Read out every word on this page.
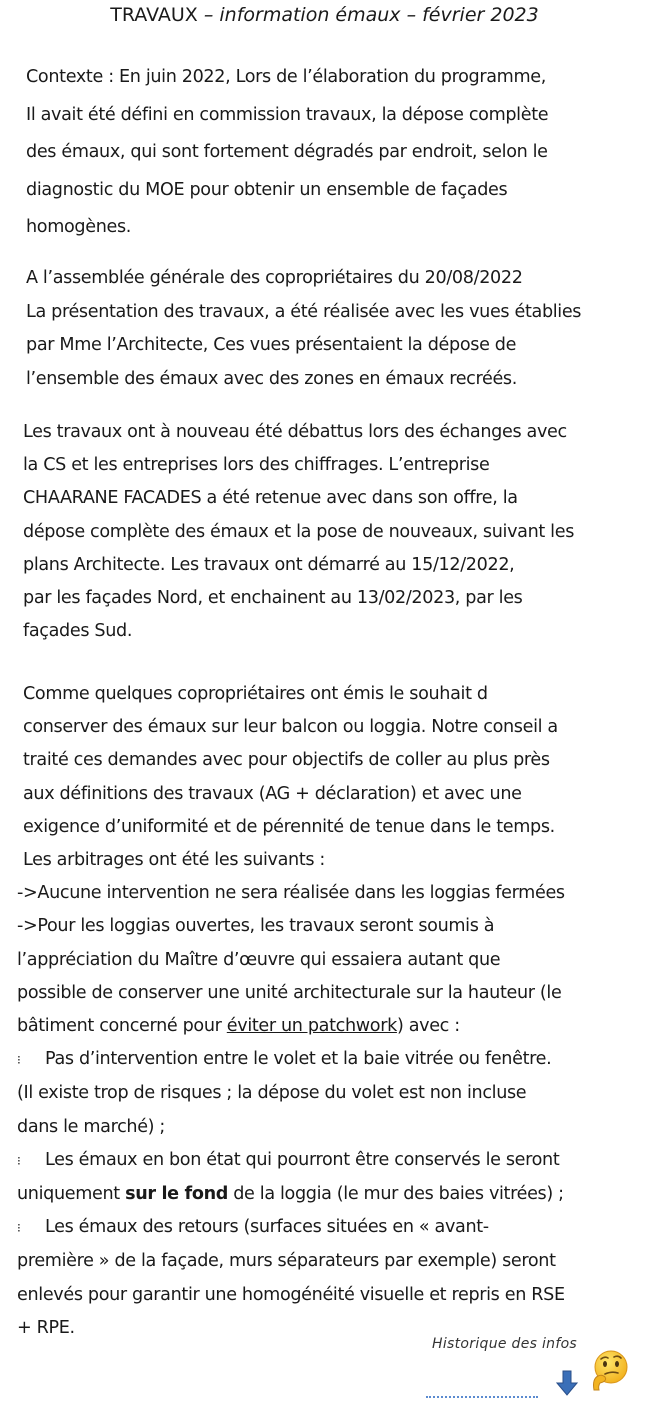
TRAVAUX – information émaux – février 2023
Contexte : En juin 2022, Lors de l’élaboration du programme,
Il avait été défini en commission travaux, la dépose complète
des émaux, qui sont fortement dégradés par endroit, selon le
diagnostic du MOE pour obtenir un ensemble de façades
homogènes.
A l’assemblée générale des copropriétaires du 20/08/2022
La présentation des travaux, a été réalisée avec les vues établies
par Mme l’Architecte, Ces vues présentaient la dépose de
l’ensemble des émaux avec des zones en émaux recréés.
Les travaux ont à nouveau été débattus lors des échanges avec
la CS et les entreprises lors des chiffrages. L’entreprise
CHAARANE FACADES a été retenue avec dans son offre, la
dépose complète des émaux et la pose de nouveaux, suivant les
plans Architecte. Les travaux ont démarré au 15/12/2022,
par les façades Nord, et enchainent au 13/02/2023, par les
façades Sud.
Comme quelques copropriétaires ont émis le souhait d
conserver des émaux sur leur balcon ou loggia. Notre conseil a
traité ces demandes avec pour objectifs de coller au plus près
aux définitions des travaux (AG + déclaration) et avec une
exigence d’uniformité et de pérennité de tenue dans le temps.
Les arbitrages ont été les suivants :
->Aucune intervention ne sera réalisée dans les loggias fermées
->Pour les loggias ouvertes, les travaux seront soumis à
l’appréciation du Maître d’œuvre qui essaiera autant que
possible de conserver une unité architecturale sur la hauteur (le
bâtiment concerné pour éviter un patchwork) avec :
⁝ Pas d’intervention entre le volet et la baie vitrée ou fenêtre.
(Il existe trop de risques ; la dépose du volet est non incluse
dans le marché) ;
⁝ Les émaux en bon état qui pourront être conservés le seront
uniquement sur le fond de la loggia (le mur des baies vitrées) ;
⁝ Les émaux des retours (surfaces situées en « avant-
première » de la façade, murs séparateurs par exemple) seront
enlevés pour garantir une homogénéité visuelle et repris en RSE
+ RPE.
Historique des infos
